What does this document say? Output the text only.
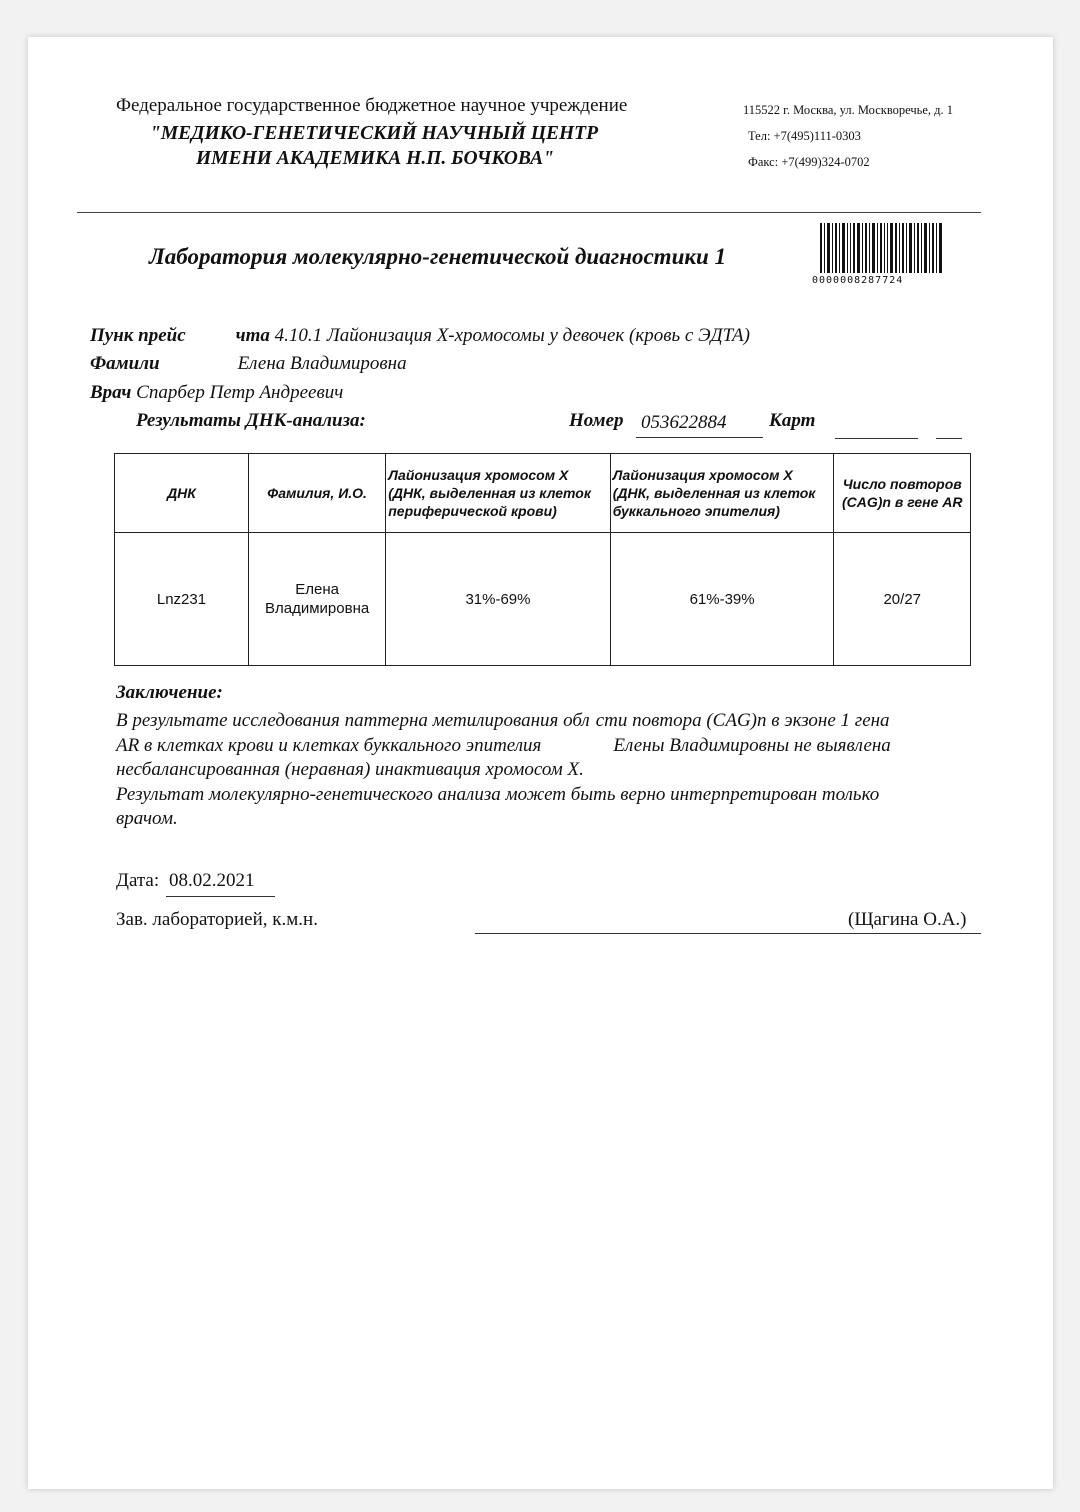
Федеральное государственное бюджетное научное учреждение
"МЕДИКО-ГЕНЕТИЧЕСКИЙ НАУЧНЫЙ ЦЕНТР
ИМЕНИ АКАДЕМИКА Н.П. БОЧКОВА"
115522 г. Москва, ул. Москворечье, д. 1
Тел: +7(495)111-0303
Факс: +7(499)324-0702
Лаборатория молекулярно-генетической диагностики 1
0000008287724
Пунк прейс	чта 4.10.1 Лайонизация Х-хромосомы у девочек (кровь с ЭДТА)
Фамили	Елена Владимировна
Врач Спарбер Петр Андреевич
Результаты ДНК-анализа:	Номер 053622884 Карт
ДНК	Фамилия, И.О.	Лайонизация хромосом Х (ДНК, выделенная из клеток периферической крови)	Лайонизация хромосом Х (ДНК, выделенная из клеток буккального эпителия)	Число повторов (CAG)n в гене AR
Lnz231	Елена Владимировна	31%-69%	61%-39%	20/27
Заключение:

В результате исследования паттерна метилирования обл сти повтора (CAG)n в экзоне 1 гена

AR в клетках крови и клетках буккального эпителия	Елены Владимировны не выявлена

несбалансированная (неравная) инактивация хромосом Х.

Результат молекулярно-генетического анализа может быть верно интерпретирован только

врачом.

Дата: 08.02.2021
Зав. лабораторией, к.м.н.	(Щагина О.А.)
